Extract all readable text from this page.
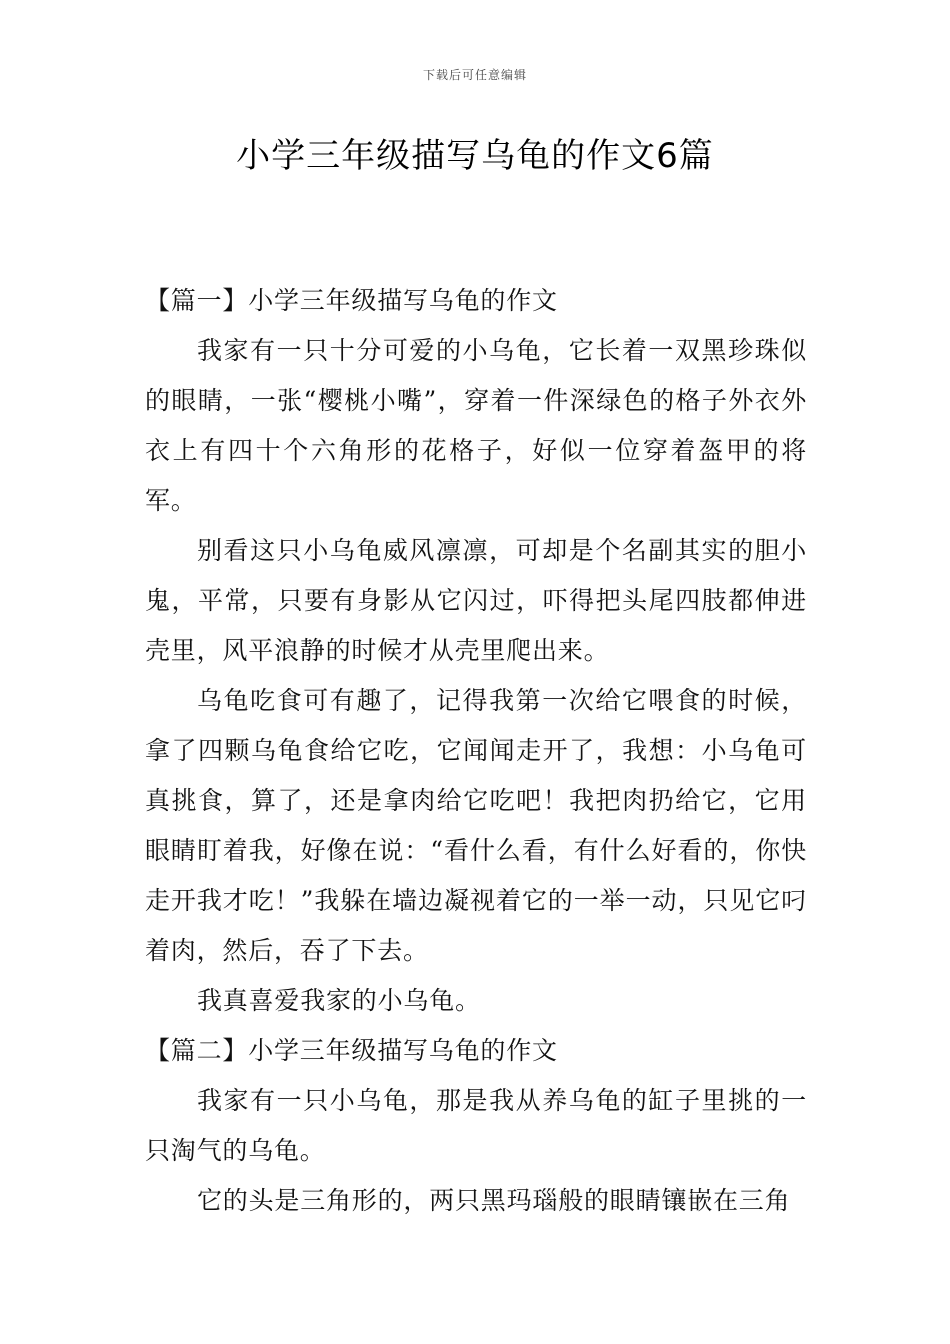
下载后可任意编辑
小学三年级描写乌龟的作文6篇

【篇一】小学三年级描写乌龟的作文

我家有一只十分可爱的小乌龟，它长着一双黑珍珠似的眼睛，一张“樱桃小嘴”，穿着一件深绿色的格子外衣外衣上有四十个六角形的花格子，好似一位穿着盔甲的将军。

别看这只小乌龟威风凛凛，可却是个名副其实的胆小鬼，平常，只要有身影从它闪过，吓得把头尾四肢都伸进壳里，风平浪静的时候才从壳里爬出来。

乌龟吃食可有趣了，记得我第一次给它喂食的时候，拿了四颗乌龟食给它吃，它闻闻走开了，我想：小乌龟可真挑食，算了，还是拿肉给它吃吧！我把肉扔给它，它用眼睛盯着我，好像在说：“看什么看，有什么好看的，你快走开我才吃！”我躲在墙边凝视着它的一举一动，只见它叼着肉，然后，吞了下去。

我真喜爱我家的小乌龟。

【篇二】小学三年级描写乌龟的作文

我家有一只小乌龟，那是我从养乌龟的缸子里挑的一只淘气的乌龟。

它的头是三角形的，两只黑玛瑙般的眼睛镶嵌在三角
